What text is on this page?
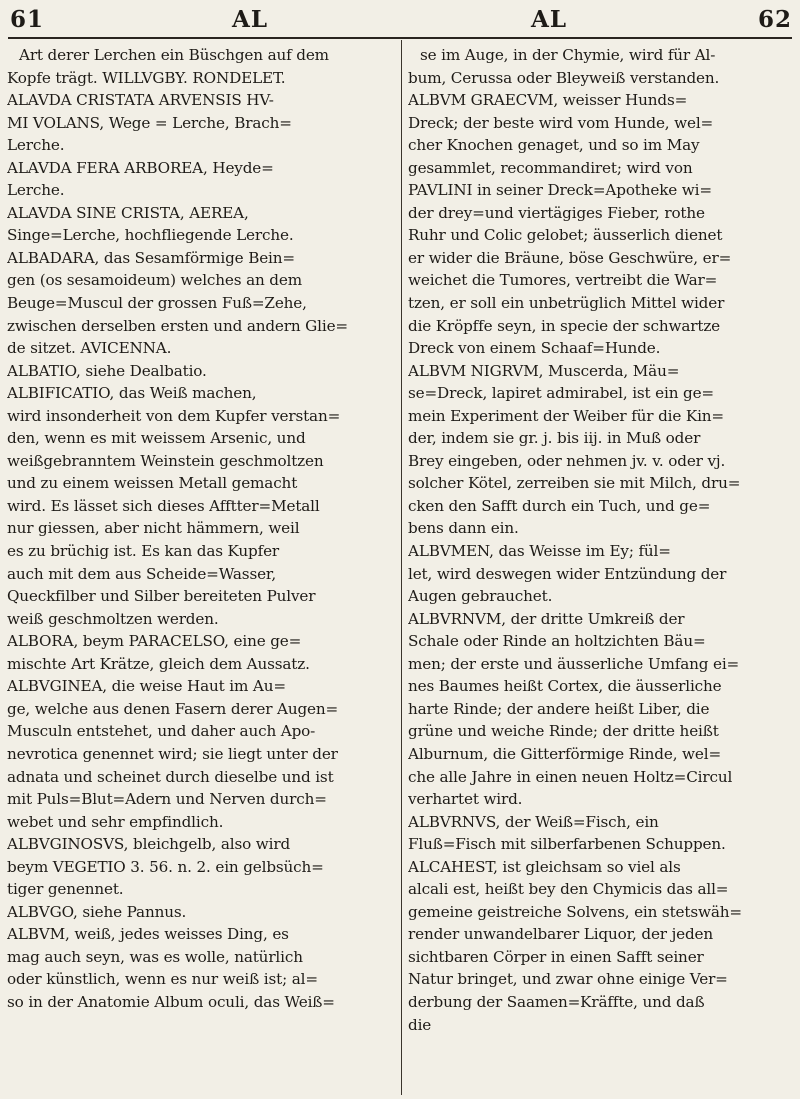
61	AL	AL	62
Art derer Lerchen ein Büschgen auf dem
Kopfe trägt. WILLVGBY. RONDELET.
ALAVDA CRISTATA ARVENSIS HV-
MI VOLANS, Wege = Lerche, Brach=
Lerche.
ALAVDA FERA ARBOREA, Heyde=
Lerche.
ALAVDA SINE CRISTA, AEREA,
Singe=Lerche, hochfliegende Lerche.
ALBADARA, das Sesamförmige Bein=
gen (os sesamoideum) welches an dem
Beuge=Muscul der grossen Fuß=Zehe,
zwischen derselben ersten und andern Glie=
de sitzet. AVICENNA.
ALBATIO, siehe Dealbatio.
ALBIFICATIO, das Weiß machen,
wird insonderheit von dem Kupfer verstan=
den, wenn es mit weissem Arsenic, und
weißgebranntem Weinstein geschmoltzen
und zu einem weissen Metall gemacht
wird. Es lässet sich dieses Afftter=Metall
nur giessen, aber nicht hämmern, weil
es zu brüchig ist. Es kan das Kupfer
auch mit dem aus Scheide=Wasser,
Queckfilber und Silber bereiteten Pulver
weiß geschmoltzen werden.
ALBORA, beym PARACELSO, eine ge=
mischte Art Krätze, gleich dem Aussatz.
ALBVGINEA, die weise Haut im Au=
ge, welche aus denen Fasern derer Augen=
Musculn entstehet, und daher auch Apo-
nevrotica genennet wird; sie liegt unter der
adnata und scheinet durch dieselbe und ist
mit Puls=Blut=Adern und Nerven durch=
webet und sehr empfindlich.
ALBVGINOSVS, bleichgelb, also wird
beym VEGETIO 3. 56. n. 2. ein gelbsüch=
tiger genennet.
ALBVGO, siehe Pannus.
ALBVM, weiß, jedes weisses Ding, es
mag auch seyn, was es wolle, natürlich
oder künstlich, wenn es nur weiß ist; al=
so in der Anatomie Album oculi, das Weiß=
se im Auge, in der Chymie, wird für Al-
bum, Cerussa oder Bleyweiß verstanden.
ALBVM GRAECVM, weisser Hunds=
Dreck; der beste wird vom Hunde, wel=
cher Knochen genaget, und so im May
gesammlet, recommandiret; wird von
PAVLINI in seiner Dreck=Apotheke wi=
der drey=und viertägiges Fieber, rothe
Ruhr und Colic gelobet; äusserlich dienet
er wider die Bräune, böse Geschwüre, er=
weichet die Tumores, vertreibt die War=
tzen, er soll ein unbetrüglich Mittel wider
die Kröpffe seyn, in specie der schwartze
Dreck von einem Schaaf=Hunde.
ALBVM NIGRVM, Muscerda, Mäu=
se=Dreck, lapiret admirabel, ist ein ge=
mein Experiment der Weiber für die Kin=
der, indem sie gr. j. bis iij. in Muß oder
Brey eingeben, oder nehmen jv. v. oder vj.
solcher Kötel, zerreiben sie mit Milch, dru=
cken den Safft durch ein Tuch, und ge=
bens dann ein.
ALBVMEN, das Weisse im Ey; fül=
let, wird deswegen wider Entzündung der
Augen gebrauchet.
ALBVRNVM, der dritte Umkreiß der
Schale oder Rinde an holtzichten Bäu=
men; der erste und äusserliche Umfang ei=
nes Baumes heißt Cortex, die äusserliche
harte Rinde; der andere heißt Liber, die
grüne und weiche Rinde; der dritte heißt
Alburnum, die Gitterförmige Rinde, wel=
che alle Jahre in einen neuen Holtz=Circul
verhartet wird.
ALBVRNVS, der Weiß=Fisch, ein
Fluß=Fisch mit silberfarbenen Schuppen.
ALCAHEST, ist gleichsam so viel als
alcali est, heißt bey den Chymicis das all=
gemeine geistreiche Solvens, ein stetswäh=
render unwandelbarer Liquor, der jeden
sichtbaren Cörper in einen Safft seiner
Natur bringet, und zwar ohne einige Ver=
derbung der Saamen=Kräffte, und daß
die
